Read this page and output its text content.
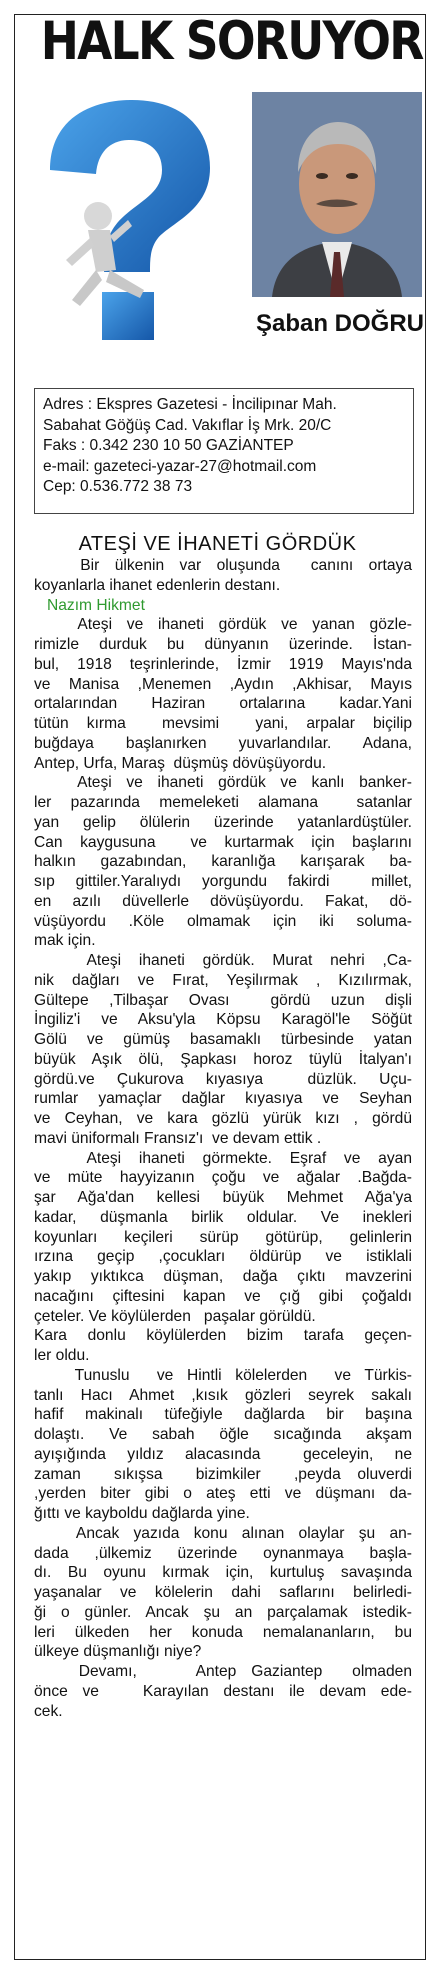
HALK SORUYOR
Şaban DOĞRU
Adres : Ekspres Gazetesi - İncilipınar Mah.
Sabahat Göğüş Cad. Vakıflar İş Mrk. 20/C
Faks : 0.342 230 10 50 GAZİANTEP
e-mail: gazeteci-yazar-27@hotmail.com
Cep: 0.536.772 38 73
ATEŞİ VE İHANETİ GÖRDÜK
Bir ülkenin var oluşunda  canını ortaya
koyanlarla ihanet edenlerin destanı.
Nazım Hikmet
Ateşi ve ihaneti gördük ve yanan gözle-
rimizle durduk bu dünyanın üzerinde. İstan-
bul, 1918 teşrinlerinde, İzmir 1919 Mayıs'nda
ve Manisa ,Menemen ,Aydın ,Akhisar, Mayıs
ortalarından Haziran ortalarına kadar.Yani
tütün kırma  mevsimi  yani, arpalar biçilip
buğdaya başlanırken yuvarlandılar. Adana,
Antep, Urfa, Maraş  düşmüş dövüşüyordu.
Ateşi ve ihaneti gördük ve kanlı banker-
ler pazarında memeleketi alamana  satanlar
yan gelip ölülerin üzerinde yatanlardüştüler.
Can kaygusuna  ve kurtarmak için başlarını
halkın gazabından, karanlığa karışarak ba-
sıp gittiler.Yaralıydı yorgundu fakirdi  millet,
en azılı düvellerle dövüşüyordu. Fakat, dö-
vüşüyordu .Köle olmamak için iki soluma-
mak için.
Ateşi ihaneti gördük. Murat nehri ,Ca-
nik dağları ve Fırat, Yeşilırmak , Kızılırmak,
Gültepe ,Tilbaşar Ovası  gördü uzun dişli
İngiliz'i ve Aksu'yla Köpsu Karagöl'le Söğüt
Gölü ve gümüş basamaklı türbesinde yatan
büyük Aşık ölü, Şapkası horoz tüylü İtalyan'ı
gördü.ve Çukurova kıyasıya  düzlük. Uçu-
rumlar yamaçlar dağlar kıyasıya ve Seyhan
ve Ceyhan, ve kara gözlü yürük kızı , gördü
mavi üniformalı Fransız'ı  ve devam ettik .
Ateşi ihaneti görmekte. Eşraf ve ayan
ve müte hayyizanın çoğu ve ağalar .Bağda-
şar Ağa'dan kellesi büyük Mehmet Ağa'ya
kadar, düşmanla birlik oldular. Ve inekleri
koyunları keçileri sürüp götürüp, gelinlerin
ırzına geçip ,çocukları öldürüp ve istiklali
yakıp yıktıkca düşman, dağa çıktı mavzerini
nacağını çiftesini kapan ve çığ gibi çoğaldı
çeteler. Ve köylülerden   paşalar görüldü.
Kara donlu köylülerden bizim tarafa geçen-
ler oldu.
Tunuslu  ve Hintli kölelerden  ve Türkis-
tanlı Hacı Ahmet ,kısık gözleri seyrek sakalı
hafif makinalı tüfeğiyle dağlarda bir başına
dolaştı. Ve sabah öğle sıcağında akşam
ayışığında yıldız alacasında  geceleyin, ne
zaman  sıkışsa  bizimkiler  ,peyda oluverdi
,yerden biter gibi o ateş etti ve düşmanı da-
ğıttı ve kayboldu dağlarda yine.
Ancak yazıda konu alınan olaylar şu an-
dada ,ülkemiz üzerinde oynanmaya başla-
dı. Bu oyunu kırmak için, kurtuluş savaşında
yaşanalar ve kölelerin dahi saflarını belirledi-
ği o günler. Ancak şu an parçalamak istedik-
leri ülkeden her konuda nemalananların, bu
ülkeye düşmanlığı niye?
Devamı,    Antep Gaziantep  olmaden
önce ve   Karayılan destanı ile devam ede-
cek.
